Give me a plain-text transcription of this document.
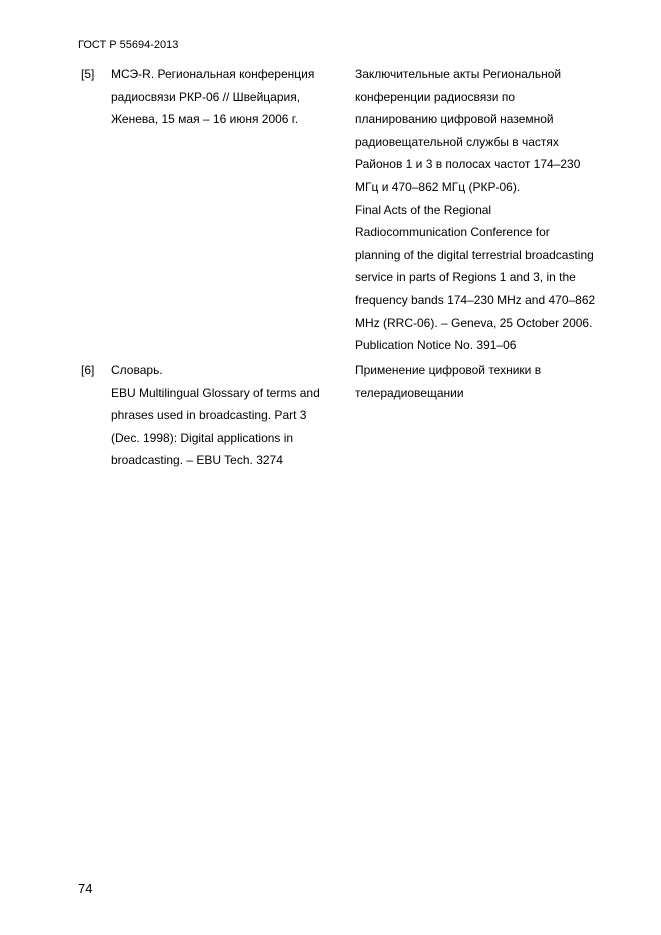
ГОСТ Р 55694-2013
[5] МСЭ-R. Региональная конференция
радиосвязи РКР-06 // Швейцария,
Женева, 15 мая – 16 июня 2006 г.
Заключительные акты Региональной
конференции радиосвязи по
планированию цифровой наземной
радиовещательной службы в частях
Районов 1 и 3 в полосах частот 174–230
МГц и 470–862 МГц (РКР-06).
Final Acts of the Regional
Radiocommunication Conference for
planning of the digital terrestrial broadcasting
service in parts of Regions 1 and 3, in the
frequency bands 174–230 MHz and 470–862
MHz (RRC-06). – Geneva, 25 October 2006.
Publication Notice No. 391–06
[6] Словарь.
EBU Multilingual Glossary of terms and
phrases used in broadcasting. Part 3
(Dec. 1998): Digital applications in
broadcasting. – EBU Tech. 3274
Применение цифровой техники в
телерадиовещании
74
